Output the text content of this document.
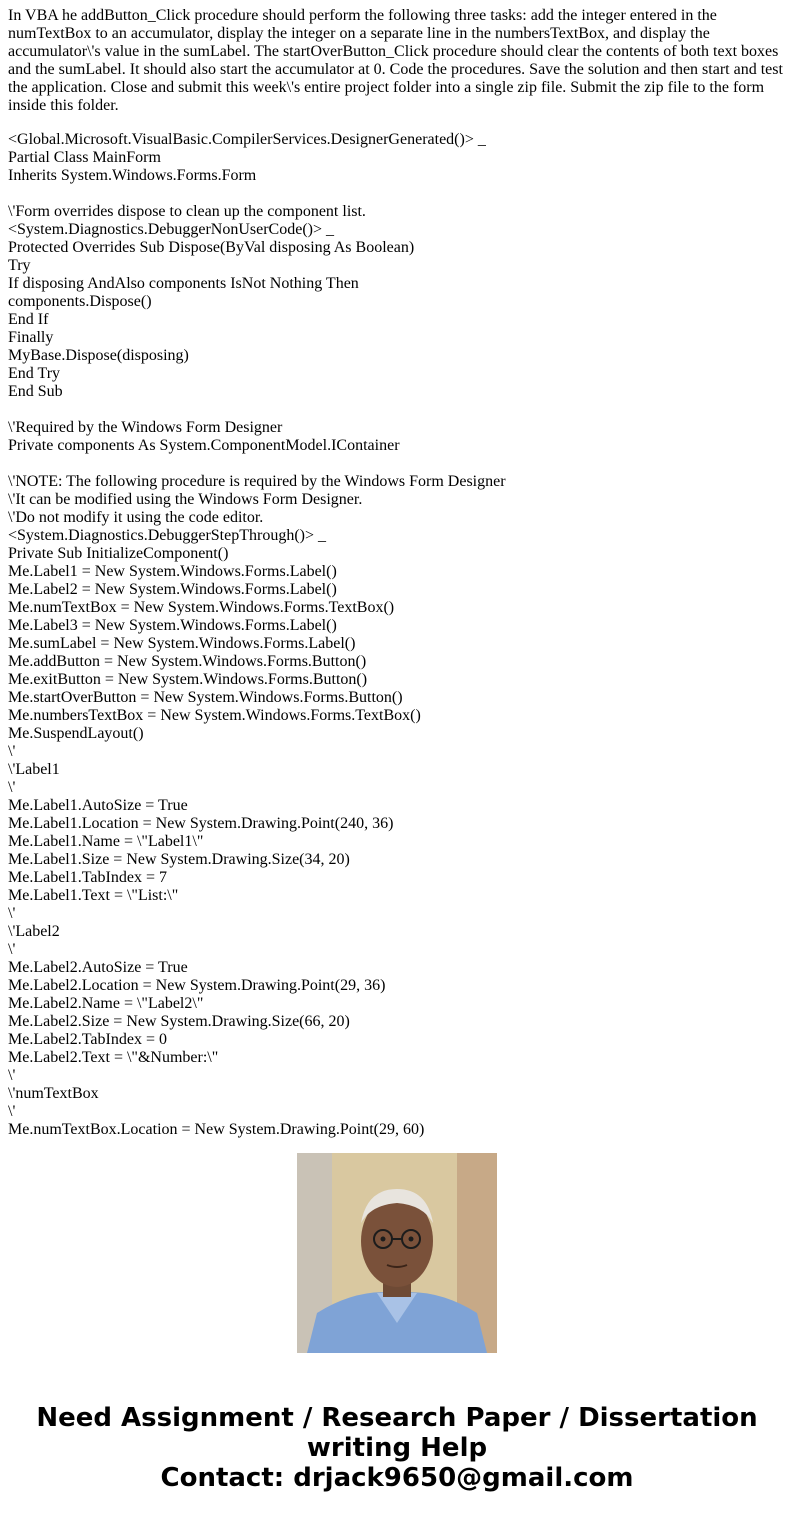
In VBA he addButton_Click procedure should perform the following three tasks: add the integer entered in the numTextBox to an accumulator, display the integer on a separate line in the numbersTextBox, and display the accumulator\'s value in the sumLabel. The startOverButton_Click procedure should clear the contents of both text boxes and the sumLabel. It should also start the accumulator at 0. Code the procedures. Save the solution and then start and test the application. Close and submit this week\'s entire project folder into a single zip file. Submit the zip file to the form inside this folder.

<Global.Microsoft.VisualBasic.CompilerServices.DesignerGenerated()> _
Partial Class MainForm
Inherits System.Windows.Forms.Form
\'Form overrides dispose to clean up the component list.
<System.Diagnostics.DebuggerNonUserCode()> _
Protected Overrides Sub Dispose(ByVal disposing As Boolean)
Try
If disposing AndAlso components IsNot Nothing Then
components.Dispose()
End If
Finally
MyBase.Dispose(disposing)
End Try
End Sub
\'Required by the Windows Form Designer
Private components As System.ComponentModel.IContainer
\'NOTE: The following procedure is required by the Windows Form Designer
\'It can be modified using the Windows Form Designer.
\'Do not modify it using the code editor.
<System.Diagnostics.DebuggerStepThrough()> _
Private Sub InitializeComponent()
Me.Label1 = New System.Windows.Forms.Label()
Me.Label2 = New System.Windows.Forms.Label()
Me.numTextBox = New System.Windows.Forms.TextBox()
Me.Label3 = New System.Windows.Forms.Label()
Me.sumLabel = New System.Windows.Forms.Label()
Me.addButton = New System.Windows.Forms.Button()
Me.exitButton = New System.Windows.Forms.Button()
Me.startOverButton = New System.Windows.Forms.Button()
Me.numbersTextBox = New System.Windows.Forms.TextBox()
Me.SuspendLayout()
\'
\'Label1
\'
Me.Label1.AutoSize = True
Me.Label1.Location = New System.Drawing.Point(240, 36)
Me.Label1.Name = \"Label1\"
Me.Label1.Size = New System.Drawing.Size(34, 20)
Me.Label1.TabIndex = 7
Me.Label1.Text = \"List:\"
\'
\'Label2
\'
Me.Label2.AutoSize = True
Me.Label2.Location = New System.Drawing.Point(29, 36)
Me.Label2.Name = \"Label2\"
Me.Label2.Size = New System.Drawing.Size(66, 20)
Me.Label2.TabIndex = 0
Me.Label2.Text = \"&Number:\"
\'
\'numTextBox
\'
Me.numTextBox.Location = New System.Drawing.Point(29, 60)
Need Assignment / Research Paper / Dissertation
writing Help
Contact: drjack9650@gmail.com
